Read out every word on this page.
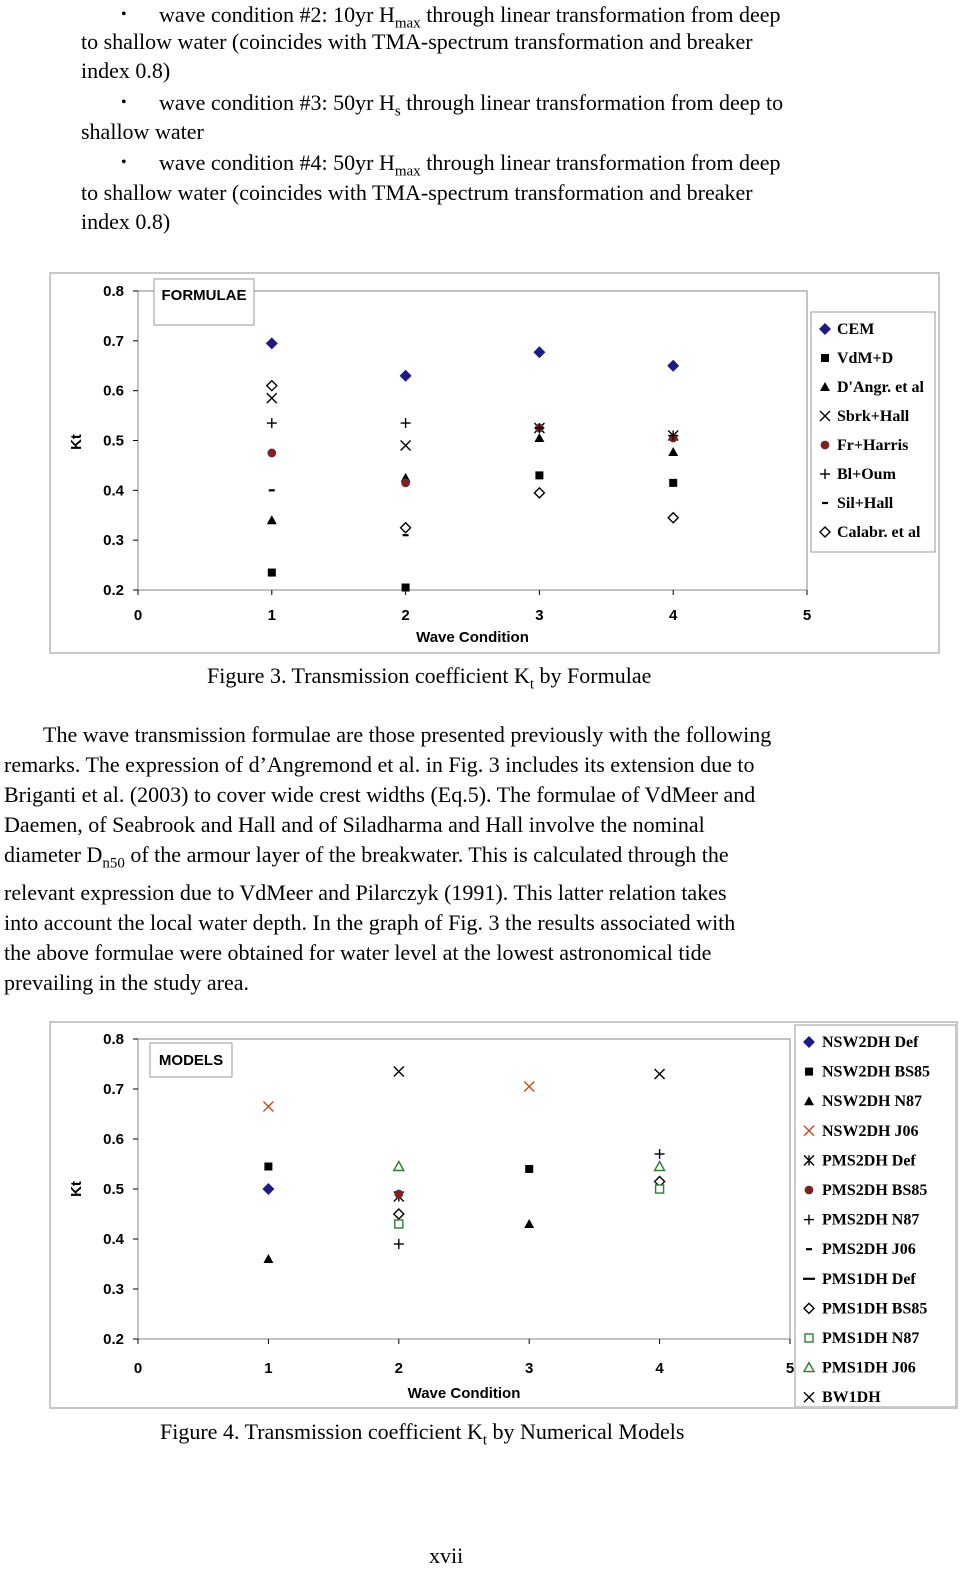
• wave condition #2: 10yr $H_{max}$ through linear transformation from deep
to shallow water (coincides with TMA-spectrum transformation and breaker
index 0.8)
• wave condition #3: 50yr $H_s$ through linear transformation from deep to
shallow water
• wave condition #4: 50yr $H_{max}$ through linear transformation from deep
to shallow water (coincides with TMA-spectrum transformation and breaker
index 0.8)
0.8
0.7
0.6
0.5
0.4
0.3
0.2
0	1	2	3	4	5
Wave Condition
Kt
FORMULAE
CEM
VdM+D
D'Angr. et al
Sbrk+Hall
Fr+Harris
Bl+Oum
Sil+Hall
Calabr. et al
Figure 3. Transmission coefficient $K_t$ by Formulae
The wave transmission formulae are those presented previously with the following
remarks. The expression of d’Angremond et al. in Fig. 3 includes its extension due to
Briganti et al. (2003) to cover wide crest widths (Eq.5). The formulae of VdMeer and
Daemen, of Seabrook and Hall and of Siladharma and Hall involve the nominal
diameter $D_{n50}$ of the armour layer of the breakwater. This is calculated through the
relevant expression due to VdMeer and Pilarczyk (1991). This latter relation takes
into account the local water depth. In the graph of Fig. 3 the results associated with
the above formulae were obtained for water level at the lowest astronomical tide
prevailing in the study area.
0.8
0.7
0.6
0.5
0.4
0.3
0.2
0	1	2	3	4	5
Wave Condition
Kt
MODELS
NSW2DH Def
NSW2DH BS85
NSW2DH N87
NSW2DH J06
PMS2DH Def
PMS2DH BS85
PMS2DH N87
PMS2DH J06
PMS1DH Def
PMS1DH BS85
PMS1DH N87
PMS1DH J06
BW1DH
Figure 4. Transmission coefficient $K_t$ by Numerical Models
xvii
